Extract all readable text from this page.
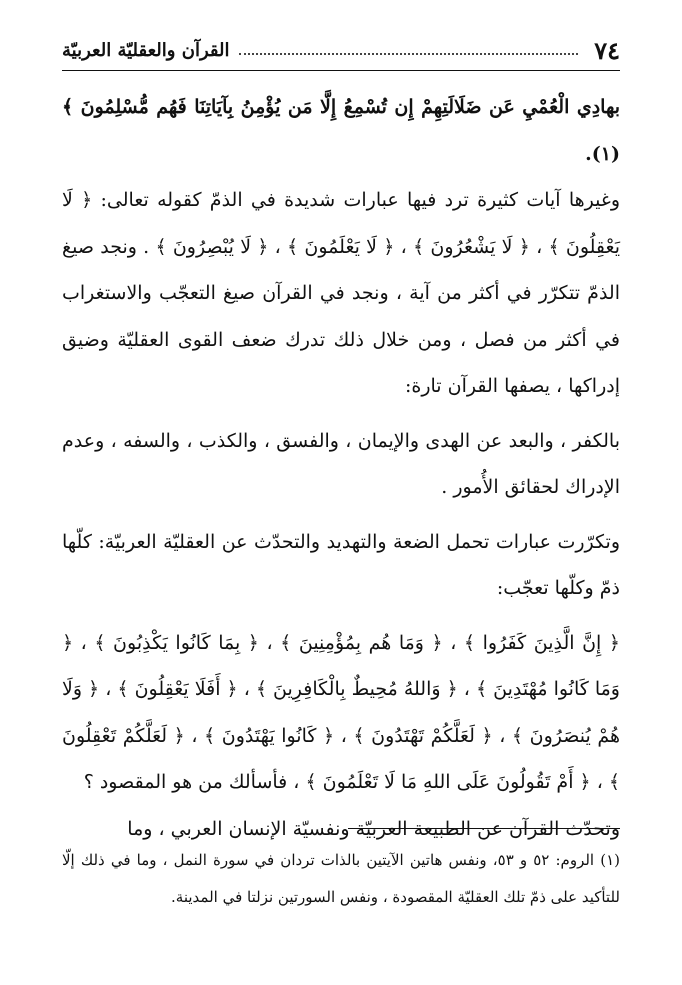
٧٤
القرآن والعقليّة العربيّة

بهادِي الْعُمْيِ عَن ضَلَالَتِهِمْ إِن تُسْمِعُ إِلَّا مَن يُؤْمِنُ بِآيَاتِنَا فَهُم مُّسْلِمُونَ ﴾ (١).

وغيرها آيات كثيرة ترد فيها عبارات شديدة في الذمّ كقوله تعالى: ﴿ لَا يَعْقِلُونَ ﴾ ، ﴿ لَا يَشْعُرُونَ ﴾ ، ﴿ لَا يَعْلَمُونَ ﴾ ، ﴿ لَا يُبْصِرُونَ ﴾ . ونجد صيغ الذمّ تتكرّر في أكثر من آية ، ونجد في القرآن صيغ التعجّب والاستغراب في أكثر من فصل ، ومن خلال ذلك تدرك ضعف القوى العقليّة وضيق إدراكها ، يصفها القرآن تارة:

بالكفر ، والبعد عن الهدى والإيمان ، والفسق ، والكذب ، والسفه ، وعدم الإدراك لحقائق الأُمور .

وتكرّرت عبارات تحمل الضعة والتهديد والتحدّث عن العقليّة العربيّة: كلّها ذمّ وكلّها تعجّب:

﴿ إِنَّ الَّذِينَ كَفَرُوا ﴾ ، ﴿ وَمَا هُم بِمُؤْمِنِينَ ﴾ ، ﴿ بِمَا كَانُوا يَكْذِبُونَ ﴾ ، ﴿ وَمَا كَانُوا مُهْتَدِينَ ﴾ ، ﴿ وَاللهُ مُحِيطٌ بِالْكَافِرِينَ ﴾ ، ﴿ أَفَلَا يَعْقِلُونَ ﴾ ، ﴿ وَلَا هُمْ يُنصَرُونَ ﴾ ، ﴿ لَعَلَّكُمْ تَهْتَدُونَ ﴾ ، ﴿ كَانُوا يَهْتَدُونَ ﴾ ، ﴿ لَعَلَّكُمْ تَعْقِلُونَ ﴾ ، ﴿ أَمْ تَقُولُونَ عَلَى اللهِ مَا لَا تَعْلَمُونَ ﴾ ، فأسألك من هو المقصود ؟

وتحدّث القرآن عن الطبيعة العربيّة ونفسيّة الإنسان العربي ، وما

(١) الروم: ٥٢ و ٥٣، ونفس هاتين الآيتين بالذات تردان في سورة النمل ، وما في ذلك إلّا للتأكيد على ذمّ تلك العقليّة المقصودة ، ونفس السورتين نزلتا في المدينة.
